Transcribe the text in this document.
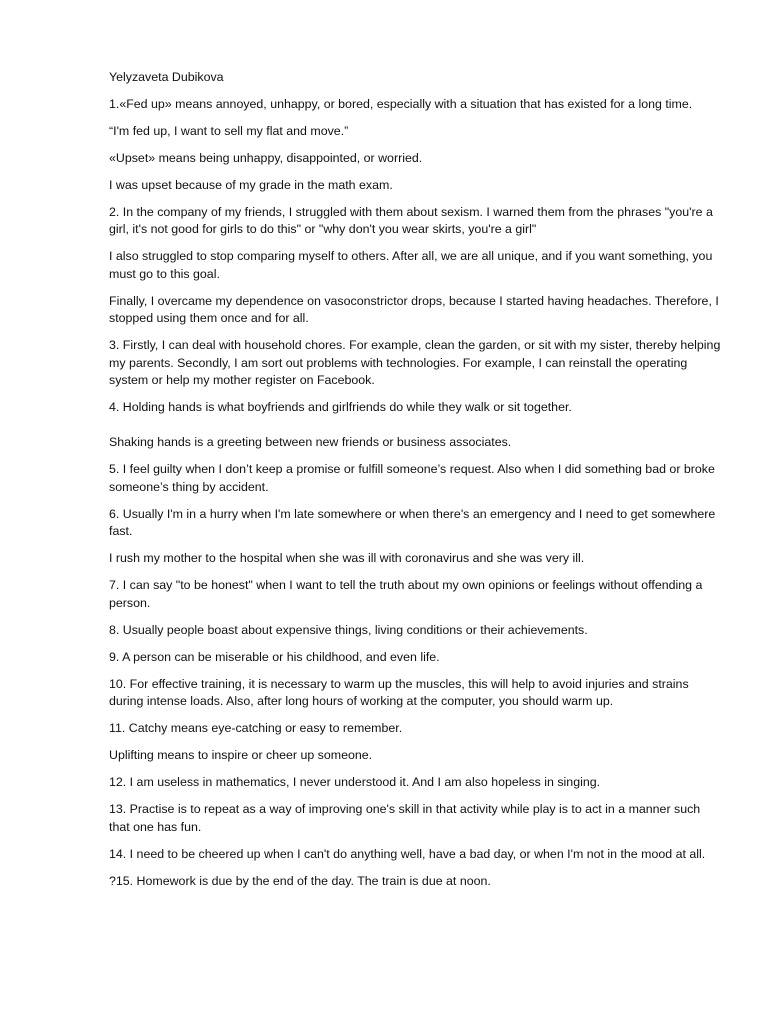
Yelyzaveta Dubikova

1.«Fed up» means annoyed, unhappy, or bored, especially with a situation that has existed for a long time.

“I'm fed up, I want to sell my flat and move.”

«Upset» means being unhappy, disappointed, or worried.

I was upset because of my grade in the math exam.

2. In the company of my friends, I struggled with them about sexism. I warned them from the phrases "you're a girl, it's not good for girls to do this" or "why don't you wear skirts, you're a girl"

I also struggled to stop comparing myself to others. After all, we are all unique, and if you want something, you must go to this goal.

Finally, I overcame my dependence on vasoconstrictor drops, because I started having headaches. Therefore, I stopped using them once and for all.

3. Firstly, I can deal with household chores. For example, clean the garden, or sit with my sister, thereby helping my parents. Secondly, I am sort out problems with technologies. For example, I can reinstall the operating system or help my mother register on Facebook.

4. Holding hands is what boyfriends and girlfriends do while they walk or sit together.

Shaking hands is a greeting between new friends or business associates.

5. I feel guilty when I don’t keep a promise or fulfill someone’s request. Also when I did something bad or broke someone’s thing by accident.

6. Usually I'm in a hurry when I'm late somewhere or when there's an emergency and I need to get somewhere fast.

I rush my mother to the hospital when she was ill with coronavirus and she was very ill.

7. I can say "to be honest" when I want to tell the truth about my own opinions or feelings without offending a person.

8. Usually people boast about expensive things, living conditions or their achievements.

9. A person can be miserable or his childhood, and even life.

10. For effective training, it is necessary to warm up the muscles, this will help to avoid injuries and strains during intense loads. Also, after long hours of working at the computer, you should warm up.

11. Catchy means eye-catching or easy to remember.

Uplifting means to inspire or cheer up someone.

12. I am useless in mathematics, I never understood it. And I am also hopeless in singing.

13. Practise is to repeat as a way of improving one's skill in that activity while play is to act in a manner such that one has fun.

14. I need to be cheered up when I can't do anything well, have a bad day, or when I'm not in the mood at all.

?15. Homework is due by the end of the day. The train is due at noon.
